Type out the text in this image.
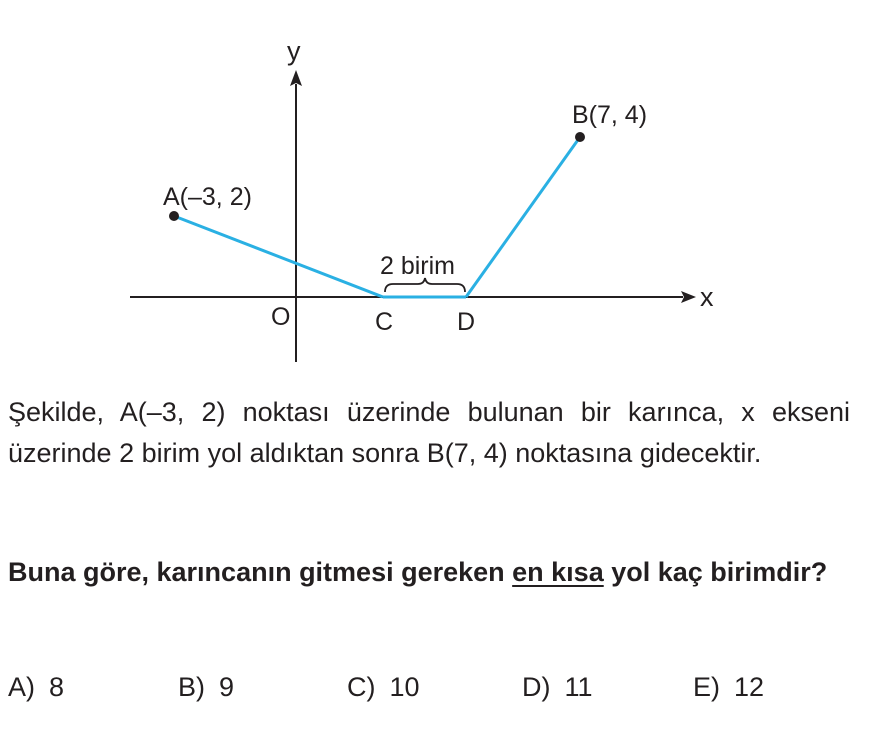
y
x
O	C	D
2 birim
A(–3, 2)
B(7, 4)
Şekilde, A(–3, 2) noktası üzerinde bulunan bir karınca, x ekseni üzerinde 2 birim yol aldıktan sonra B(7, 4) noktasına gidecektir.
Buna göre, karıncanın gitmesi gereken en kısa yol kaç birimdir?
A) 8	B) 9	C) 10	D) 11	E) 12
